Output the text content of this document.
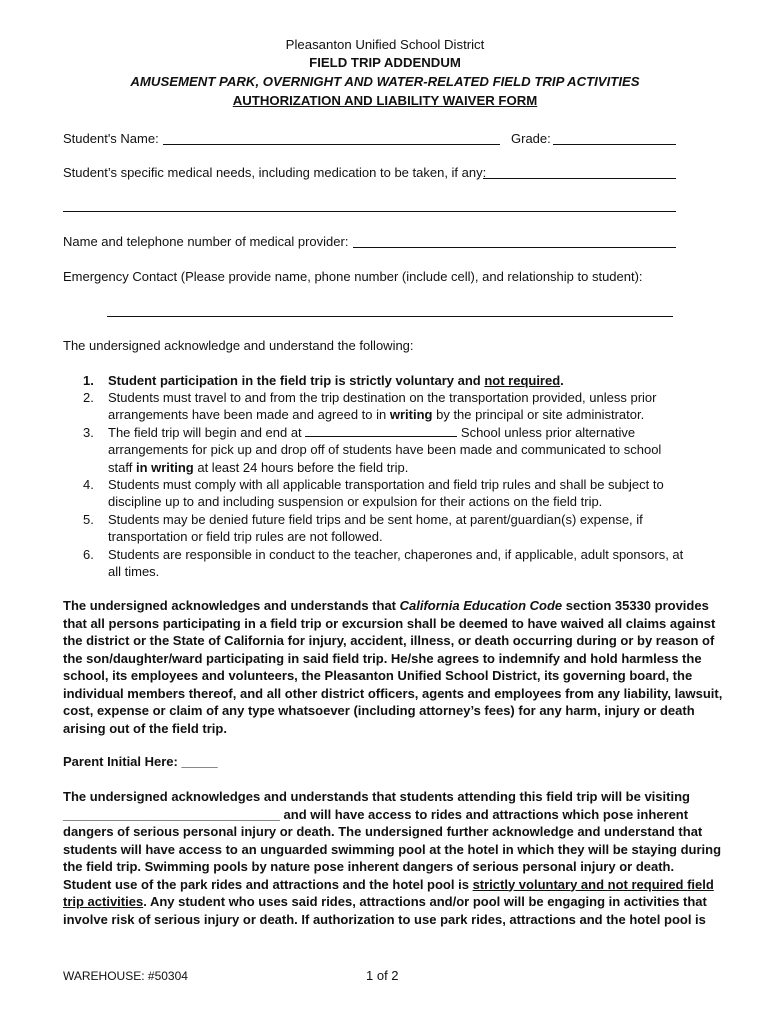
Pleasanton Unified School District
FIELD TRIP ADDENDUM
AMUSEMENT PARK, OVERNIGHT AND WATER-RELATED FIELD TRIP ACTIVITIES
AUTHORIZATION AND LIABILITY WAIVER FORM
Student's Name:	Grade:
Student’s specific medical needs, including medication to be taken, if any:
Name and telephone number of medical provider:
Emergency Contact (Please provide name, phone number (include cell), and relationship to student):
The undersigned acknowledge and understand the following:
1.	Student participation in the field trip is strictly voluntary and not required.
2.	Students must travel to and from the trip destination on the transportation provided, unless prior
arrangements have been made and agreed to in writing by the principal or site administrator.
3.	The field trip will begin and end at	School unless prior alternative
arrangements for pick up and drop off of students have been made and communicated to school
staff in writing at least 24 hours before the field trip.
4.	Students must comply with all applicable transportation and field trip rules and shall be subject to
discipline up to and including suspension or expulsion for their actions on the field trip.
5.	Students may be denied future field trips and be sent home, at parent/guardian(s) expense, if
transportation or field trip rules are not followed.
6.	Students are responsible in conduct to the teacher, chaperones and, if applicable, adult sponsors, at
all times.
The undersigned acknowledges and understands that California Education Code section 35330 provides
that all persons participating in a field trip or excursion shall be deemed to have waived all claims against
the district or the State of California for injury, accident, illness, or death occurring during or by reason of
the son/daughter/ward participating in said field trip. He/she agrees to indemnify and hold harmless the
school, its employees and volunteers, the Pleasanton Unified School District, its governing board, the
individual members thereof, and all other district officers, agents and employees from any liability, lawsuit,
cost, expense or claim of any type whatsoever (including attorney’s fees) for any harm, injury or death
arising out of the field trip.
Parent Initial Here: _____
The undersigned acknowledges and understands that students attending this field trip will be visiting
______________________________ and will have access to rides and attractions which pose inherent
dangers of serious personal injury or death. The undersigned further acknowledge and understand that
students will have access to an unguarded swimming pool at the hotel in which they will be staying during
the field trip. Swimming pools by nature pose inherent dangers of serious personal injury or death.
Student use of the park rides and attractions and the hotel pool is strictly voluntary and not required field
trip activities. Any student who uses said rides, attractions and/or pool will be engaging in activities that
involve risk of serious injury or death. If authorization to use park rides, attractions and the hotel pool is
WAREHOUSE: #50304	1 of 2
